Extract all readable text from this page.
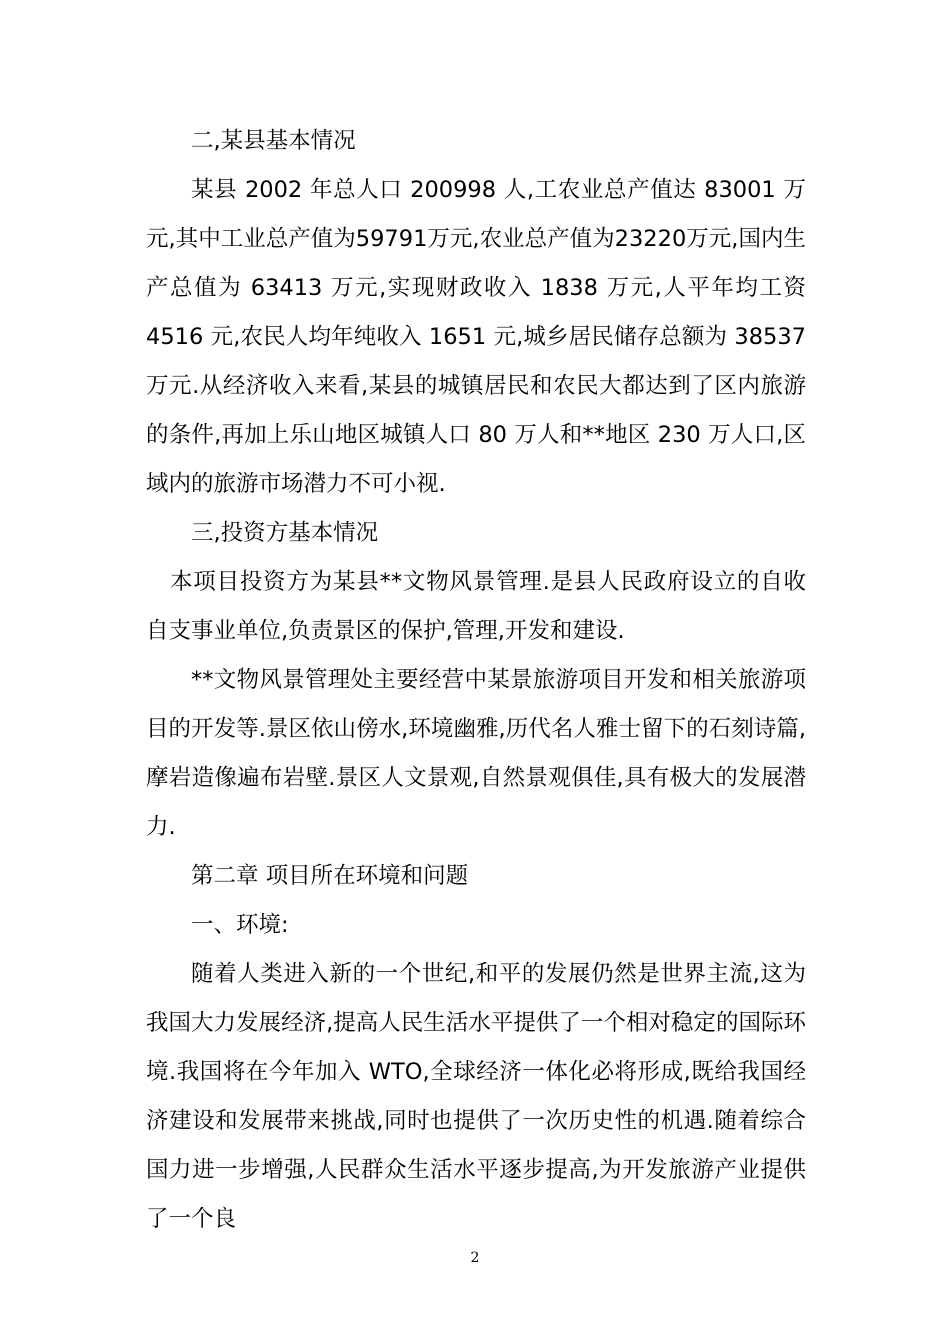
二,某县基本情况

某县 2002 年总人口 200998 人,工农业总产值达 83001 万元,其中工业总产值为59791万元,农业总产值为23220万元,国内生产总值为 63413 万元,实现财政收入 1838 万元,人平年均工资 4516 元,农民人均年纯收入 1651 元,城乡居民储存总额为 38537 万元.从经济收入来看,某县的城镇居民和农民大都达到了区内旅游的条件,再加上乐山地区城镇人口 80 万人和**地区 230 万人口,区域内的旅游市场潜力不可小视.

三,投资方基本情况

本项目投资方为某县**文物风景管理.是县人民政府设立的自收自支事业单位,负责景区的保护,管理,开发和建设.

**文物风景管理处主要经营中某景旅游项目开发和相关旅游项目的开发等.景区依山傍水,环境幽雅,历代名人雅士留下的石刻诗篇,摩岩造像遍布岩壁.景区人文景观,自然景观俱佳,具有极大的发展潜力.

第二章 项目所在环境和问题

一、环境:

随着人类进入新的一个世纪,和平的发展仍然是世界主流,这为我国大力发展经济,提高人民生活水平提供了一个相对稳定的国际环境.我国将在今年加入 WTO,全球经济一体化必将形成,既给我国经济建设和发展带来挑战,同时也提供了一次历史性的机遇.随着综合国力进一步增强,人民群众生活水平逐步提高,为开发旅游产业提供了一个良

2
